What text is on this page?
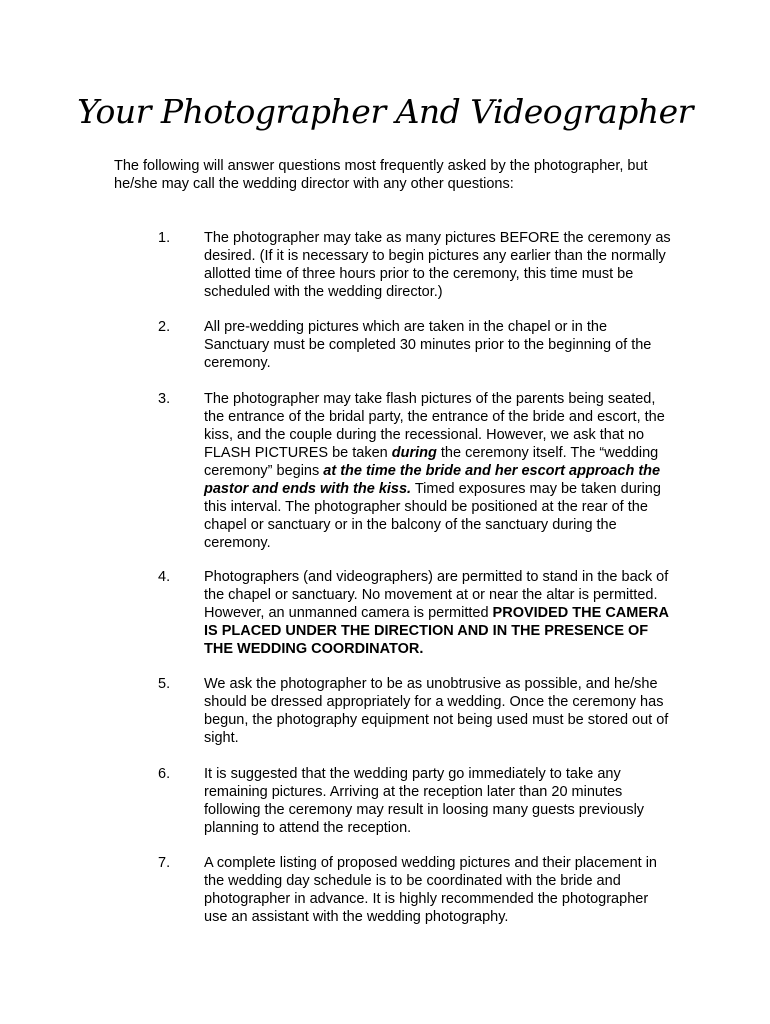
Your Photographer And Videographer
The following will answer questions most frequently asked by the photographer, but he/she may call the wedding director with any other questions:
1. The photographer may take as many pictures BEFORE the ceremony as desired. (If it is necessary to begin pictures any earlier than the normally allotted time of three hours prior to the ceremony, this time must be scheduled with the wedding director.)
2. All pre-wedding pictures which are taken in the chapel or in the Sanctuary must be completed 30 minutes prior to the beginning of the ceremony.
3. The photographer may take flash pictures of the parents being seated, the entrance of the bridal party, the entrance of the bride and escort, the kiss, and the couple during the recessional. However, we ask that no FLASH PICTURES be taken during the ceremony itself. The “wedding ceremony” begins at the time the bride and her escort approach the pastor and ends with the kiss. Timed exposures may be taken during this interval. The photographer should be positioned at the rear of the chapel or sanctuary or in the balcony of the sanctuary during the ceremony.
4. Photographers (and videographers) are permitted to stand in the back of the chapel or sanctuary. No movement at or near the altar is permitted. However, an unmanned camera is permitted PROVIDED THE CAMERA IS PLACED UNDER THE DIRECTION AND IN THE PRESENCE OF THE WEDDING COORDINATOR.
5. We ask the photographer to be as unobtrusive as possible, and he/she should be dressed appropriately for a wedding. Once the ceremony has begun, the photography equipment not being used must be stored out of sight.
6. It is suggested that the wedding party go immediately to take any remaining pictures. Arriving at the reception later than 20 minutes following the ceremony may result in loosing many guests previously planning to attend the reception.
7. A complete listing of proposed wedding pictures and their placement in the wedding day schedule is to be coordinated with the bride and photographer in advance. It is highly recommended the photographer use an assistant with the wedding photography.
